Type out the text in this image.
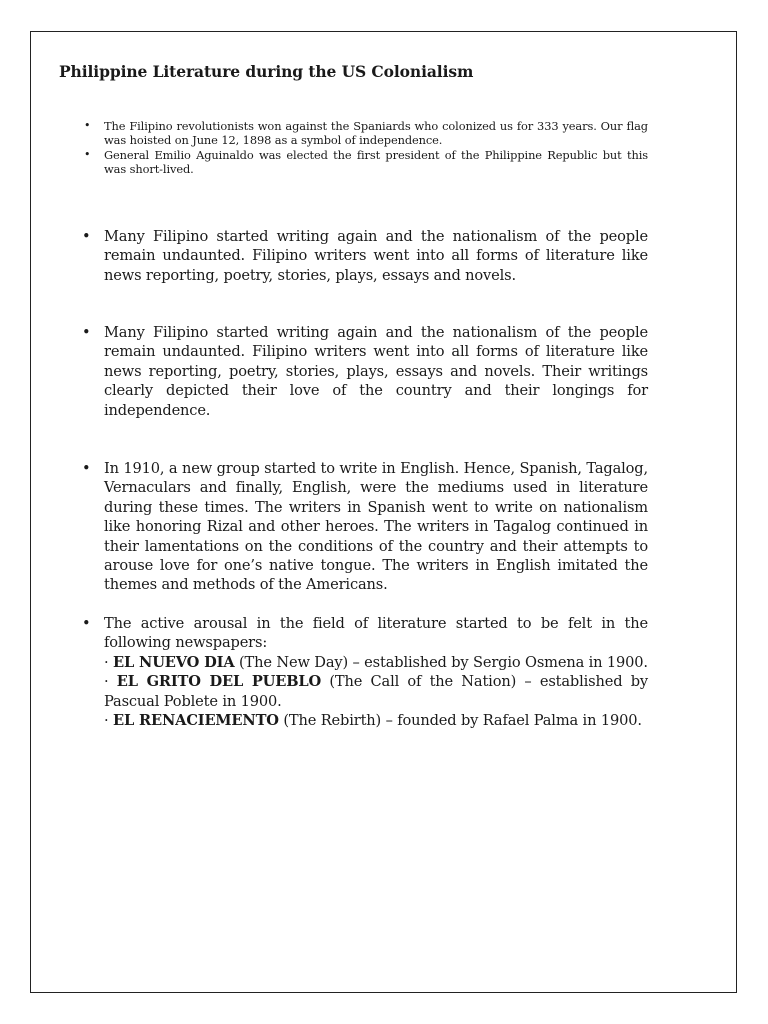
Philippine Literature during the US Colonialism
• The Filipino revolutionists won against the Spaniards who colonized us for 333 years. Our flag was hoisted on June 12, 1898 as a symbol of independence.
• General Emilio Aguinaldo was elected the first president of the Philippine Republic but this was short-lived.
• Many Filipino started writing again and the nationalism of the people remain undaunted. Filipino writers went into all forms of literature like news reporting, poetry, stories, plays, essays and novels.
• Many Filipino started writing again and the nationalism of the people remain undaunted. Filipino writers went into all forms of literature like news reporting, poetry, stories, plays, essays and novels. Their writings clearly depicted their love of the country and their longings for independence.
• In 1910, a new group started to write in English. Hence, Spanish, Tagalog, Vernaculars and finally, English, were the mediums used in literature during these times. The writers in Spanish went to write on nationalism like honoring Rizal and other heroes. The writers in Tagalog continued in their lamentations on the conditions of the country and their attempts to arouse love for one’s native tongue. The writers in English imitated the themes and methods of the Americans.
• The active arousal in the field of literature started to be felt in the following newspapers:
· EL NUEVO DIA (The New Day) – established by Sergio Osmena in 1900.
· EL GRITO DEL PUEBLO (The Call of the Nation) – established by Pascual Poblete in 1900.
· EL RENACIEMENTO (The Rebirth) – founded by Rafael Palma in 1900.
